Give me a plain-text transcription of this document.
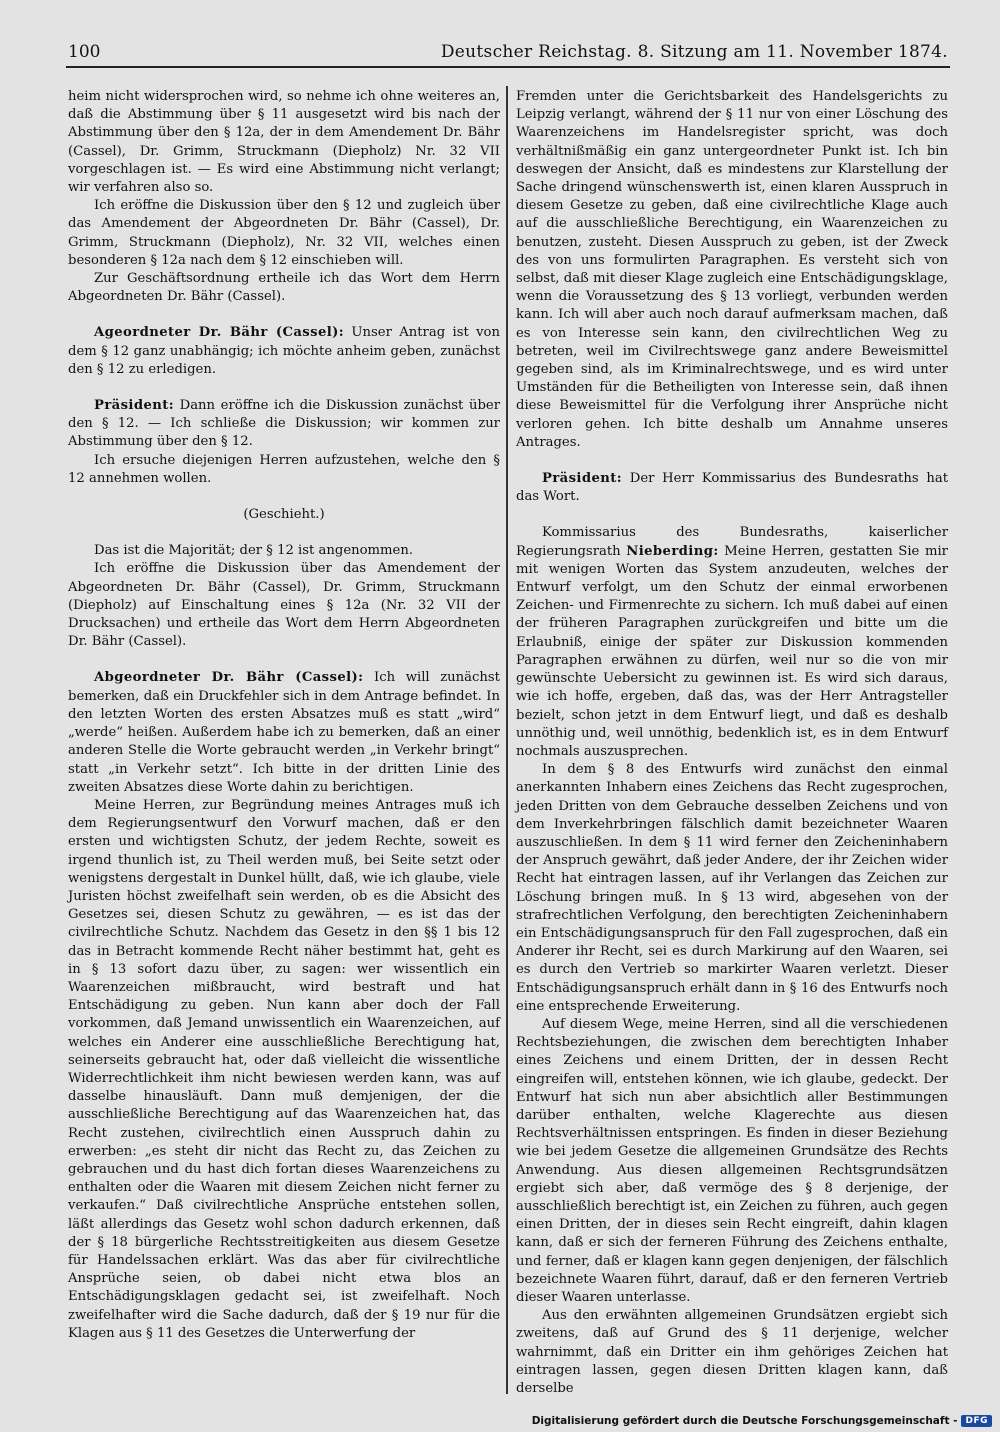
100	Deutscher Reichstag. 8. Sitzung am 11. November 1874.

heim nicht widersprochen wird, so nehme ich ohne weiteres an, daß die Abstimmung über § 11 ausgesetzt wird bis nach der Abstimmung über den § 12a, der in dem Amendement Dr. Bähr (Cassel), Dr. Grimm, Struckmann (Diepholz) Nr. 32 VII vorgeschlagen ist. — Es wird eine Abstimmung nicht verlangt; wir verfahren also so.

Ich eröffne die Diskussion über den § 12 und zugleich über das Amendement der Abgeordneten Dr. Bähr (Cassel), Dr. Grimm, Struckmann (Diepholz), Nr. 32 VII, welches einen besonderen § 12a nach dem § 12 einschieben will.

Zur Geschäftsordnung ertheile ich das Wort dem Herrn Abgeordneten Dr. Bähr (Cassel).

Ageordneter Dr. Bähr (Cassel): Unser Antrag ist von dem § 12 ganz unabhängig; ich möchte anheim geben, zunächst den § 12 zu erledigen.

Präsident: Dann eröffne ich die Diskussion zunächst über den § 12. — Ich schließe die Diskussion; wir kommen zur Abstimmung über den § 12.

Ich ersuche diejenigen Herren aufzustehen, welche den § 12 annehmen wollen.

(Geschieht.)

Das ist die Majorität; der § 12 ist angenommen.

Ich eröffne die Diskussion über das Amendement der Abgeordneten Dr. Bähr (Cassel), Dr. Grimm, Struckmann (Diepholz) auf Einschaltung eines § 12a (Nr. 32 VII der Drucksachen) und ertheile das Wort dem Herrn Abgeordneten Dr. Bähr (Cassel).

Abgeordneter Dr. Bähr (Cassel): Ich will zunächst bemerken, daß ein Druckfehler sich in dem Antrage befindet. In den letzten Worten des ersten Absatzes muß es statt „wird“ „werde“ heißen. Außerdem habe ich zu bemerken, daß an einer anderen Stelle die Worte gebraucht werden „in Verkehr bringt“ statt „in Verkehr setzt“. Ich bitte in der dritten Linie des zweiten Absatzes diese Worte dahin zu berichtigen.

Meine Herren, zur Begründung meines Antrages muß ich dem Regierungsentwurf den Vorwurf machen, daß er den ersten und wichtigsten Schutz, der jedem Rechte, soweit es irgend thunlich ist, zu Theil werden muß, bei Seite setzt oder wenigstens dergestalt in Dunkel hüllt, daß, wie ich glaube, viele Juristen höchst zweifelhaft sein werden, ob es die Absicht des Gesetzes sei, diesen Schutz zu gewähren, — es ist das der civilrechtliche Schutz. Nachdem das Gesetz in den §§ 1 bis 12 das in Betracht kommende Recht näher bestimmt hat, geht es in § 13 sofort dazu über, zu sagen: wer wissentlich ein Waarenzeichen mißbraucht, wird bestraft und hat Entschädigung zu geben. Nun kann aber doch der Fall vorkommen, daß Jemand unwissentlich ein Waarenzeichen, auf welches ein Anderer eine ausschließliche Berechtigung hat, seinerseits gebraucht hat, oder daß vielleicht die wissentliche Widerrechtlichkeit ihm nicht bewiesen werden kann, was auf dasselbe hinausläuft. Dann muß demjenigen, der die ausschließliche Berechtigung auf das Waarenzeichen hat, das Recht zustehen, civilrechtlich einen Ausspruch dahin zu erwerben: „es steht dir nicht das Recht zu, das Zeichen zu gebrauchen und du hast dich fortan dieses Waarenzeichens zu enthalten oder die Waaren mit diesem Zeichen nicht ferner zu verkaufen.“ Daß civilrechtliche Ansprüche entstehen sollen, läßt allerdings das Gesetz wohl schon dadurch erkennen, daß der § 18 bürgerliche Rechtsstreitigkeiten aus diesem Gesetze für Handelssachen erklärt. Was das aber für civilrechtliche Ansprüche seien, ob dabei nicht etwa blos an Entschädigungsklagen gedacht sei, ist zweifelhaft. Noch zweifelhafter wird die Sache dadurch, daß der § 19 nur für die Klagen aus § 11 des Gesetzes die Unterwerfung der

Fremden unter die Gerichtsbarkeit des Handelsgerichts zu Leipzig verlangt, während der § 11 nur von einer Löschung des Waarenzeichens im Handelsregister spricht, was doch verhältnißmäßig ein ganz untergeordneter Punkt ist. Ich bin deswegen der Ansicht, daß es mindestens zur Klarstellung der Sache dringend wünschenswerth ist, einen klaren Ausspruch in diesem Gesetze zu geben, daß eine civilrechtliche Klage auch auf die ausschließliche Berechtigung, ein Waarenzeichen zu benutzen, zusteht. Diesen Ausspruch zu geben, ist der Zweck des von uns formulirten Paragraphen. Es versteht sich von selbst, daß mit dieser Klage zugleich eine Entschädigungsklage, wenn die Voraussetzung des § 13 vorliegt, verbunden werden kann. Ich will aber auch noch darauf aufmerksam machen, daß es von Interesse sein kann, den civilrechtlichen Weg zu betreten, weil im Civilrechtswege ganz andere Beweismittel gegeben sind, als im Kriminalrechtswege, und es wird unter Umständen für die Betheiligten von Interesse sein, daß ihnen diese Beweismittel für die Verfolgung ihrer Ansprüche nicht verloren gehen. Ich bitte deshalb um Annahme unseres Antrages.

Präsident: Der Herr Kommissarius des Bundesraths hat das Wort.

Kommissarius des Bundesraths, kaiserlicher Regierungsrath Nieberding: Meine Herren, gestatten Sie mir mit wenigen Worten das System anzudeuten, welches der Entwurf verfolgt, um den Schutz der einmal erworbenen Zeichen- und Firmenrechte zu sichern. Ich muß dabei auf einen der früheren Paragraphen zurückgreifen und bitte um die Erlaubniß, einige der später zur Diskussion kommenden Paragraphen erwähnen zu dürfen, weil nur so die von mir gewünschte Uebersicht zu gewinnen ist. Es wird sich daraus, wie ich hoffe, ergeben, daß das, was der Herr Antragsteller bezielt, schon jetzt in dem Entwurf liegt, und daß es deshalb unnöthig und, weil unnöthig, bedenklich ist, es in dem Entwurf nochmals auszusprechen.

In dem § 8 des Entwurfs wird zunächst den einmal anerkannten Inhabern eines Zeichens das Recht zugesprochen, jeden Dritten von dem Gebrauche desselben Zeichens und von dem Inverkehrbringen fälschlich damit bezeichneter Waaren auszuschließen. In dem § 11 wird ferner den Zeicheninhabern der Anspruch gewährt, daß jeder Andere, der ihr Zeichen wider Recht hat eintragen lassen, auf ihr Verlangen das Zeichen zur Löschung bringen muß. In § 13 wird, abgesehen von der strafrechtlichen Verfolgung, den berechtigten Zeicheninhabern ein Entschädigungsanspruch für den Fall zugesprochen, daß ein Anderer ihr Recht, sei es durch Markirung auf den Waaren, sei es durch den Vertrieb so markirter Waaren verletzt. Dieser Entschädigungsanspruch erhält dann in § 16 des Entwurfs noch eine entsprechende Erweiterung.

Auf diesem Wege, meine Herren, sind all die verschiedenen Rechtsbeziehungen, die zwischen dem berechtigten Inhaber eines Zeichens und einem Dritten, der in dessen Recht eingreifen will, entstehen können, wie ich glaube, gedeckt. Der Entwurf hat sich nun aber absichtlich aller Bestimmungen darüber enthalten, welche Klagerechte aus diesen Rechtsverhältnissen entspringen. Es finden in dieser Beziehung wie bei jedem Gesetze die allgemeinen Grundsätze des Rechts Anwendung. Aus diesen allgemeinen Rechtsgrundsätzen ergiebt sich aber, daß vermöge des § 8 derjenige, der ausschließlich berechtigt ist, ein Zeichen zu führen, auch gegen einen Dritten, der in dieses sein Recht eingreift, dahin klagen kann, daß er sich der ferneren Führung des Zeichens enthalte, und ferner, daß er klagen kann gegen denjenigen, der fälschlich bezeichnete Waaren führt, darauf, daß er den ferneren Vertrieb dieser Waaren unterlasse.

Aus den erwähnten allgemeinen Grundsätzen ergiebt sich zweitens, daß auf Grund des § 11 derjenige, welcher wahrnimmt, daß ein Dritter ein ihm gehöriges Zeichen hat eintragen lassen, gegen diesen Dritten klagen kann, daß derselbe

Digitalisierung gefördert durch die Deutsche Forschungsgemeinschaft - DFG
